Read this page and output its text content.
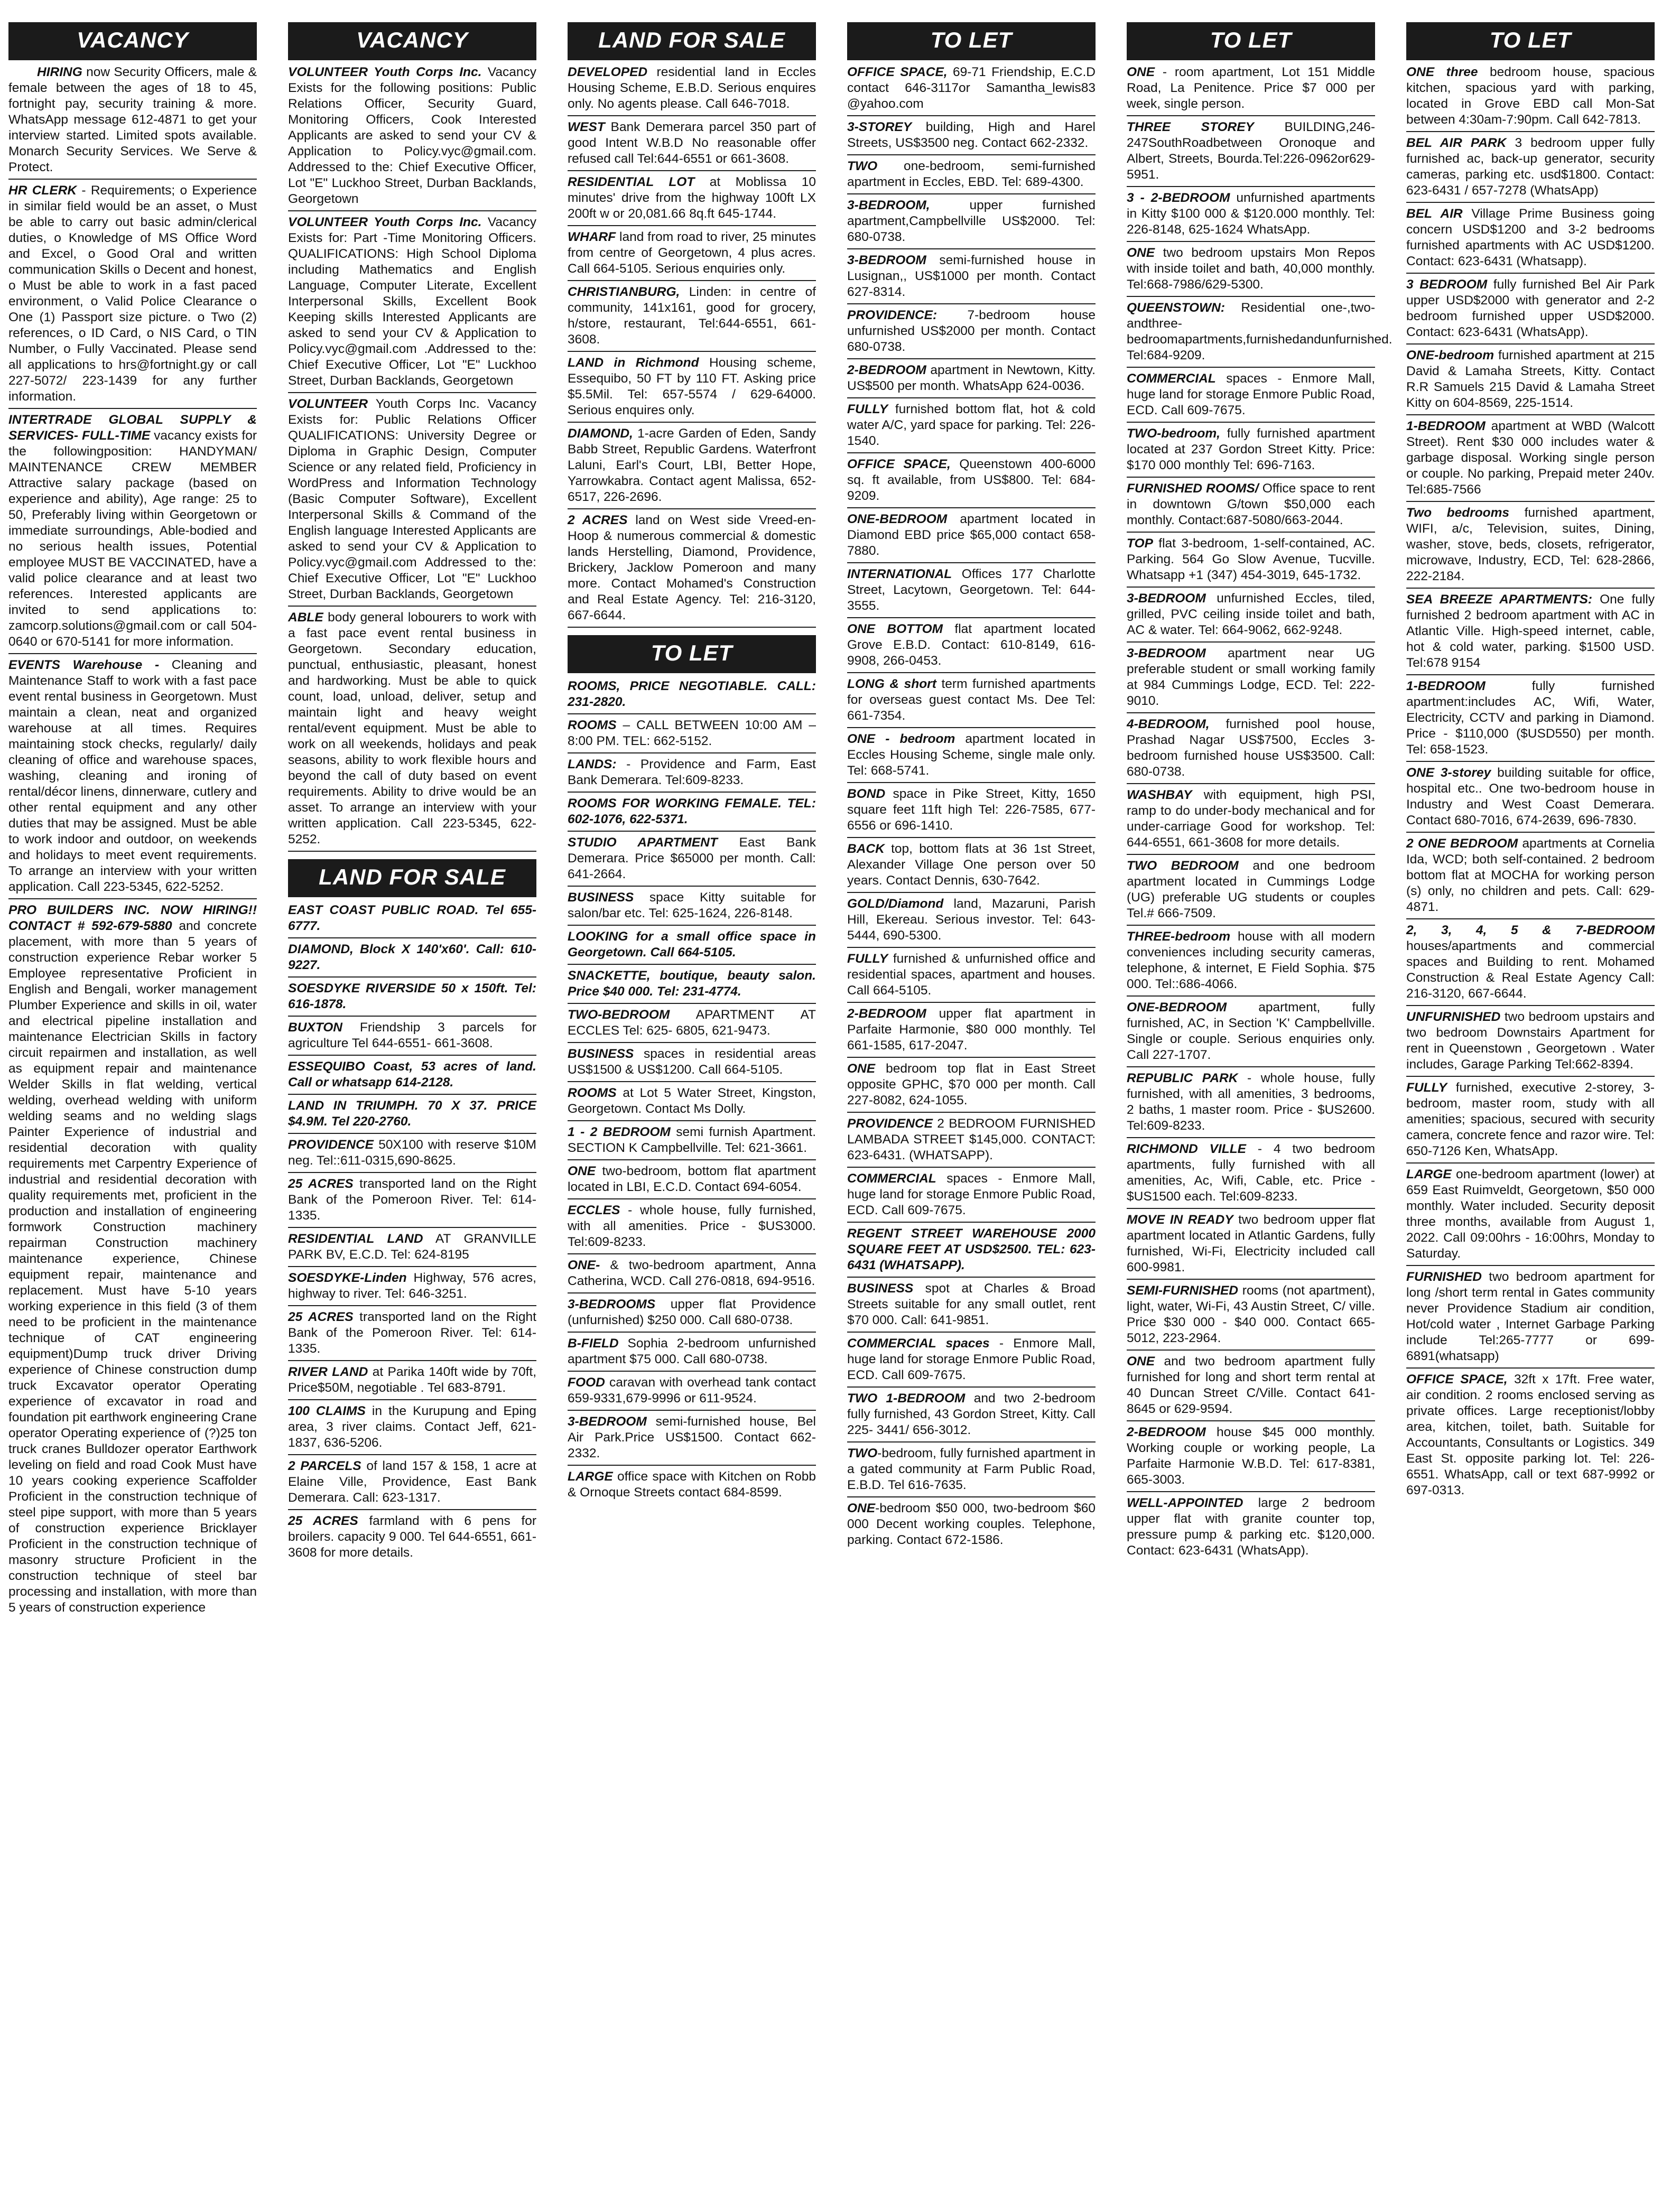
VACANCY
HIRING now Security Officers, male & female between the ages of 18 to 45, fortnight pay, security training & more. WhatsApp message 612-4871 to get your interview started. Limited spots available. Monarch Security Services. We Serve & Protect.
HR CLERK - Requirements; o Experience in similar field would be an asset, o Must be able to carry out basic admin/clerical duties, o Knowledge of MS Office Word and Excel, o Good Oral and written communication Skills o Decent and honest, o Must be able to work in a fast paced environment, o Valid Police Clearance o One (1) Passport size picture. o Two (2) references, o ID Card, o NIS Card, o TIN Number, o Fully Vaccinated. Please send all applications to hrs@fortnight.gy or call 227-5072/ 223-1439 for any further information.
INTERTRADE GLOBAL SUPPLY & SERVICES- FULL-TIME vacancy exists for the followingposition: HANDYMAN/ MAINTENANCE CREW MEMBER Attractive salary package (based on experience and ability), Age range: 25 to 50, Preferably living within Georgetown or immediate surroundings, Able-bodied and no serious health issues, Potential employee MUST BE VACCINATED, have a valid police clearance and at least two references. Interested applicants are invited to send applications to: zamcorp.solutions@gmail.com or call 504-0640 or 670-5141 for more information.
EVENTS Warehouse - Cleaning and Maintenance Staff to work with a fast pace event rental business in Georgetown. Must maintain a clean, neat and organized warehouse at all times. Requires maintaining stock checks, regularly/ daily cleaning of office and warehouse spaces, washing, cleaning and ironing of rental/décor linens, dinnerware, cutlery and other rental equipment and any other duties that may be assigned. Must be able to work indoor and outdoor, on weekends and holidays to meet event requirements. To arrange an interview with your written application. Call 223-5345, 622-5252.
PRO BUILDERS INC. NOW HIRING!! CONTACT # 592-679-5880 and concrete placement, with more than 5 years of construction experience Rebar worker 5 Employee representative Proficient in English and Bengali, worker management Plumber Experience and skills in oil, water and electrical pipeline installation and maintenance Electrician Skills in factory circuit repairmen and installation, as well as equipment repair and maintenance Welder Skills in flat welding, vertical welding, overhead welding with uniform welding seams and no welding slags Painter Experience of industrial and residential decoration with quality requirements met Carpentry Experience of industrial and residential decoration with quality requirements met, proficient in the production and installation of engineering formwork Construction machinery repairman Construction machinery maintenance experience, Chinese equipment repair, maintenance and replacement. Must have 5-10 years working experience in this field (3 of them need to be proficient in the maintenance technique of CAT engineering equipment)Dump truck driver Driving experience of Chinese construction dump truck Excavator operator Operating experience of excavator in road and foundation pit earthwork engineering Crane operator Operating experience of (?)25 ton truck cranes Bulldozer operator Earthwork leveling on field and road Cook Must have 10 years cooking experience Scaffolder Proficient in the construction technique of steel pipe support, with more than 5 years of construction experience Bricklayer Proficient in the construction technique of masonry structure Proficient in the construction technique of steel bar processing and installation, with more than 5 years of construction experience
VACANCY
VOLUNTEER Youth Corps Inc. Vacancy Exists for the following positions: Public Relations Officer, Security Guard, Monitoring Officers, Cook Interested Applicants are asked to send your CV & Application to Policy.vyc@gmail.com. Addressed to the: Chief Executive Officer, Lot "E" Luckhoo Street, Durban Backlands, Georgetown
VOLUNTEER Youth Corps Inc. Vacancy Exists for: Part -Time Monitoring Officers. QUALIFICATIONS: High School Diploma including Mathematics and English Language, Computer Literate, Excellent Interpersonal Skills, Excellent Book Keeping skills Interested Applicants are asked to send your CV & Application to Policy.vyc@gmail.com .Addressed to the: Chief Executive Officer, Lot "E" Luckhoo Street, Durban Backlands, Georgetown
VOLUNTEER Youth Corps Inc. Vacancy Exists for: Public Relations Officer QUALIFICATIONS: University Degree or Diploma in Graphic Design, Computer Science or any related field, Proficiency in WordPress and Information Technology (Basic Computer Software), Excellent Interpersonal Skills & Command of the English language Interested Applicants are asked to send your CV & Application to Policy.vyc@gmail.com Addressed to the: Chief Executive Officer, Lot "E" Luckhoo Street, Durban Backlands, Georgetown
ABLE body general lobourers to work with a fast pace event rental business in Georgetown. Secondary education, punctual, enthusiastic, pleasant, honest and hardworking. Must be able to quick count, load, unload, deliver, setup and maintain light and heavy weight rental/event equipment. Must be able to work on all weekends, holidays and peak seasons, ability to work flexible hours and beyond the call of duty based on event requirements. Ability to drive would be an asset. To arrange an interview with your written application. Call 223-5345, 622-5252.
LAND FOR SALE
EAST COAST PUBLIC ROAD. Tel 655-6777.
DIAMOND, Block X 140'x60'. Call: 610-9227.
SOESDYKE RIVERSIDE 50 x 150ft. Tel: 616-1878.
BUXTON Friendship 3 parcels for agriculture Tel 644-6551- 661-3608.
ESSEQUIBO Coast, 53 acres of land. Call or whatsapp 614-2128.
LAND IN TRIUMPH. 70 X 37. PRICE $4.9M. Tel 220-2760.
PROVIDENCE 50X100 with reserve $10M neg. Tel::611-0315,690-8625.
25 ACRES transported land on the Right Bank of the Pomeroon River. Tel: 614-1335.
RESIDENTIAL LAND AT GRANVILLE PARK BV, E.C.D. Tel: 624-8195
SOESDYKE-Linden Highway, 576 acres, highway to river. Tel: 646-3251.
25 ACRES transported land on the Right Bank of the Pomeroon River. Tel: 614-1335.
RIVER LAND at Parika 140ft wide by 70ft, Price$50M, negotiable . Tel 683-8791.
100 CLAIMS in the Kurupung and Eping area, 3 river claims. Contact Jeff, 621-1837, 636-5206.
2 PARCELS of land 157 & 158, 1 acre at Elaine Ville, Providence, East Bank Demerara. Call: 623-1317.
25 ACRES farmland with 6 pens for broilers. capacity 9 000. Tel 644-6551, 661-3608 for more details.
LAND FOR SALE
DEVELOPED residential land in Eccles Housing Scheme, E.B.D. Serious enquires only. No agents please. Call 646-7018.
WEST Bank Demerara parcel 350 part of good Intent W.B.D No reasonable offer refused call Tel:644-6551 or 661-3608.
RESIDENTIAL LOT at Moblissa 10 minutes' drive from the highway 100ft LX 200ft w or 20,081.66 8q.ft 645-1744.
WHARF land from road to river, 25 minutes from centre of Georgetown, 4 plus acres. Call 664-5105. Serious enquiries only.
CHRISTIANBURG, Linden: in centre of community, 141x161, good for grocery, h/store, restaurant, Tel:644-6551, 661-3608.
LAND in Richmond Housing scheme, Essequibo, 50 FT by 110 FT. Asking price $5.5Mil. Tel: 657-5574 / 629-64000. Serious enquires only.
DIAMOND, 1-acre Garden of Eden, Sandy Babb Street, Republic Gardens. Waterfront Laluni, Earl's Court, LBI, Better Hope, Yarrowkabra. Contact agent Malissa, 652-6517, 226-2696.
2 ACRES land on West side Vreed-en-Hoop & numerous commercial & domestic lands Herstelling, Diamond, Providence, Brickery, Jacklow Pomeroon and many more. Contact Mohamed's Construction and Real Estate Agency. Tel: 216-3120, 667-6644.
TO LET
ROOMS, PRICE NEGOTIABLE. CALL: 231-2820.
ROOMS – CALL BETWEEN 10:00 AM – 8:00 PM. TEL: 662-5152.
LANDS: - Providence and Farm, East Bank Demerara. Tel:609-8233.
ROOMS FOR WORKING FEMALE. TEL: 602-1076, 622-5371.
STUDIO APARTMENT East Bank Demerara. Price $65000 per month. Call: 641-2664.
BUSINESS space Kitty suitable for salon/bar etc. Tel: 625-1624, 226-8148.
LOOKING for a small office space in Georgetown. Call 664-5105.
SNACKETTE, boutique, beauty salon. Price $40 000. Tel: 231-4774.
TWO-BEDROOM APARTMENT AT ECCLES Tel: 625- 6805, 621-9473.
BUSINESS spaces in residential areas US$1500 & US$1200. Call 664-5105.
ROOMS at Lot 5 Water Street, Kingston, Georgetown. Contact Ms Dolly.
1 - 2 BEDROOM semi furnish Apartment. SECTION K Campbellville. Tel: 621-3661.
ONE two-bedroom, bottom flat apartment located in LBI, E.C.D. Contact 694-6054.
ECCLES - whole house, fully furnished, with all amenities. Price - $US3000. Tel:609-8233.
ONE- & two-bedroom apartment, Anna Catherina, WCD. Call 276-0818, 694-9516.
3-BEDROOMS upper flat Providence (unfurnished) $250 000. Call 680-0738.
B-FIELD Sophia 2-bedroom unfurnished apartment $75 000. Call 680-0738.
FOOD caravan with overhead tank contact 659-9331,679-9996 or 611-9524.
3-BEDROOM semi-furnished house, Bel Air Park.Price US$1500. Contact 662-2332.
LARGE office space with Kitchen on Robb & Ornoque Streets contact 684-8599.
TO LET
OFFICE SPACE, 69-71 Friendship, E.C.D contact 646-3117or Samantha_lewis83 @yahoo.com
3-STOREY building, High and Harel Streets, US$3500 neg. Contact 662-2332.
TWO one-bedroom, semi-furnished apartment in Eccles, EBD. Tel: 689-4300.
3-BEDROOM, upper furnished apartment,Campbellville US$2000. Tel: 680-0738.
3-BEDROOM semi-furnished house in Lusignan,, US$1000 per month. Contact 627-8314.
PROVIDENCE: 7-bedroom house unfurnished US$2000 per month. Contact 680-0738.
2-BEDROOM apartment in Newtown, Kitty. US$500 per month. WhatsApp 624-0036.
FULLY furnished bottom flat, hot & cold water A/C, yard space for parking. Tel: 226-1540.
OFFICE SPACE, Queenstown 400-6000 sq. ft available, from US$800. Tel: 684-9209.
ONE-BEDROOM apartment located in Diamond EBD price $65,000 contact 658-7880.
INTERNATIONAL Offices 177 Charlotte Street, Lacytown, Georgetown. Tel: 644-3555.
ONE BOTTOM flat apartment located Grove E.B.D. Contact: 610-8149, 616-9908, 266-0453.
LONG & short term furnished apartments for overseas guest contact Ms. Dee Tel: 661-7354.
ONE - bedroom apartment located in Eccles Housing Scheme, single male only. Tel: 668-5741.
BOND space in Pike Street, Kitty, 1650 square feet 11ft high Tel: 226-7585, 677-6556 or 696-1410.
BACK top, bottom flats at 36 1st Street, Alexander Village One person over 50 years. Contact Dennis, 630-7642.
GOLD/Diamond land, Mazaruni, Parish Hill, Ekereau. Serious investor. Tel: 643-5444, 690-5300.
FULLY furnished & unfurnished office and residential spaces, apartment and houses. Call 664-5105.
2-BEDROOM upper flat apartment in Parfaite Harmonie, $80 000 monthly. Tel 661-1585, 617-2047.
ONE bedroom top flat in East Street opposite GPHC, $70 000 per month. Call 227-8082, 624-1055.
PROVIDENCE 2 BEDROOM FURNISHED LAMBADA STREET $145,000. CONTACT: 623-6431. (WHATSAPP).
COMMERCIAL spaces - Enmore Mall, huge land for storage Enmore Public Road, ECD. Call 609-7675.
REGENT STREET WAREHOUSE 2000 SQUARE FEET AT USD$2500. TEL: 623-6431 (WHATSAPP).
BUSINESS spot at Charles & Broad Streets suitable for any small outlet, rent $70 000. Call: 641-9851.
COMMERCIAL spaces - Enmore Mall, huge land for storage Enmore Public Road, ECD. Call 609-7675.
TWO 1-BEDROOM and two 2-bedroom fully furnished, 43 Gordon Street, Kitty. Call 225- 3441/ 656-3012.
TWO-bedroom, fully furnished apartment in a gated community at Farm Public Road, E.B.D. Tel 616-7635.
ONE-bedroom $50 000, two-bedroom $60 000 Decent working couples. Telephone, parking. Contact 672-1586.
TO LET
ONE - room apartment, Lot 151 Middle Road, La Penitence. Price $7 000 per week, single person.
THREE STOREY BUILDING,246-247SouthRoadbetween Oronoque and Albert, Streets, Bourda.Tel:226-0962or629-5951.
3 - 2-BEDROOM unfurnished apartments in Kitty $100 000 & $120.000 monthly. Tel: 226-8148, 625-1624 WhatsApp.
ONE two bedroom upstairs Mon Repos with inside toilet and bath, 40,000 monthly. Tel:668-7986/629-5300.
QUEENSTOWN: Residential one-,two-andthree-bedroomapartments,furnishedandunfurnished. Tel:684-9209.
COMMERCIAL spaces - Enmore Mall, huge land for storage Enmore Public Road, ECD. Call 609-7675.
TWO-bedroom, fully furnished apartment located at 237 Gordon Street Kitty. Price: $170 000 monthly Tel: 696-7163.
FURNISHED ROOMS/ Office space to rent in downtown G/town $50,000 each monthly. Contact:687-5080/663-2044.
TOP flat 3-bedroom, 1-self-contained, AC. Parking. 564 Go Slow Avenue, Tucville. Whatsapp +1 (347) 454-3019, 645-1732.
3-BEDROOM unfurnished Eccles, tiled, grilled, PVC ceiling inside toilet and bath, AC & water. Tel: 664-9062, 662-9248.
3-BEDROOM apartment near UG preferable student or small working family at 984 Cummings Lodge, ECD. Tel: 222-9010.
4-BEDROOM, furnished pool house, Prashad Nagar US$7500, Eccles 3-bedroom furnished house US$3500. Call: 680-0738.
WASHBAY with equipment, high PSI, ramp to do under-body mechanical and for under-carriage Good for workshop. Tel: 644-6551, 661-3608 for more details.
TWO BEDROOM and one bedroom apartment located in Cummings Lodge (UG) preferable UG students or couples Tel.# 666-7509.
THREE-bedroom house with all modern conveniences including security cameras, telephone, & internet, E Field Sophia. $75 000. Tel::686-4066.
ONE-BEDROOM apartment, fully furnished, AC, in Section 'K' Campbellville. Single or couple. Serious enquiries only. Call 227-1707.
REPUBLIC PARK - whole house, fully furnished, with all amenities, 3 bedrooms, 2 baths, 1 master room. Price - $US2600. Tel:609-8233.
RICHMOND VILLE - 4 two bedroom apartments, fully furnished with all amenities, Ac, Wifi, Cable, etc. Price - $US1500 each. Tel:609-8233.
MOVE IN READY two bedroom upper flat apartment located in Atlantic Gardens, fully furnished, Wi-Fi, Electricity included call 600-9981.
SEMI-FURNISHED rooms (not apartment), light, water, Wi-Fi, 43 Austin Street, C/ ville. Price $30 000 - $40 000. Contact 665-5012, 223-2964.
ONE and two bedroom apartment fully furnished for long and short term rental at 40 Duncan Street C/Ville. Contact 641-8645 or 629-9594.
2-BEDROOM house $45 000 monthly. Working couple or working people, La Parfaite Harmonie W.B.D. Tel: 617-8381, 665-3003.
WELL-APPOINTED large 2 bedroom upper flat with granite counter top, pressure pump & parking etc. $120,000. Contact: 623-6431 (WhatsApp).
TO LET
ONE three bedroom house, spacious kitchen, spacious yard with parking, located in Grove EBD call Mon-Sat between 4:30am-7:90pm. Call 642-7813.
BEL AIR PARK 3 bedroom upper fully furnished ac, back-up generator, security cameras, parking etc. usd$1800. Contact: 623-6431 / 657-7278 (WhatsApp)
BEL AIR Village Prime Business going concern USD$1200 and 3-2 bedrooms furnished apartments with AC USD$1200. Contact: 623-6431 (Whatsapp).
3 BEDROOM fully furnished Bel Air Park upper USD$2000 with generator and 2-2 bedroom furnished upper USD$2000. Contact: 623-6431 (WhatsApp).
ONE-bedroom furnished apartment at 215 David & Lamaha Streets, Kitty. Contact R.R Samuels 215 David & Lamaha Street Kitty on 604-8569, 225-1514.
1-BEDROOM apartment at WBD (Walcott Street). Rent $30 000 includes water & garbage disposal. Working single person or couple. No parking, Prepaid meter 240v. Tel:685-7566
Two bedrooms furnished apartment, WIFI, a/c, Television, suites, Dining, washer, stove, beds, closets, refrigerator, microwave, Industry, ECD, Tel: 628-2866, 222-2184.
SEA BREEZE APARTMENTS: One fully furnished 2 bedroom apartment with AC in Atlantic Ville. High-speed internet, cable, hot & cold water, parking. $1500 USD. Tel:678 9154
1-BEDROOM fully furnished apartment:includes AC, Wifi, Water, Electricity, CCTV and parking in Diamond. Price - $110,000 ($USD550) per month. Tel: 658-1523.
ONE 3-storey building suitable for office, hospital etc.. One two-bedroom house in Industry and West Coast Demerara. Contact 680-7016, 674-2639, 696-7830.
2 ONE BEDROOM apartments at Cornelia Ida, WCD; both self-contained. 2 bedroom bottom flat at MOCHA for working person (s) only, no children and pets. Call: 629-4871.
2, 3, 4, 5 & 7-BEDROOM houses/apartments and commercial spaces and Building to rent. Mohamed Construction & Real Estate Agency Call: 216-3120, 667-6644.
UNFURNISHED two bedroom upstairs and two bedroom Downstairs Apartment for rent in Queenstown , Georgetown . Water includes, Garage Parking Tel:662-8394.
FULLY furnished, executive 2-storey, 3-bedroom, master room, study with all amenities; spacious, secured with security camera, concrete fence and razor wire. Tel: 650-7126 Ken, WhatsApp.
LARGE one-bedroom apartment (lower) at 659 East Ruimveldt, Georgetown, $50 000 monthly. Water included. Security deposit three months, available from August 1, 2022. Call 09:00hrs - 16:00hrs, Monday to Saturday.
FURNISHED two bedroom apartment for long /short term rental in Gates community never Providence Stadium air condition, Hot/cold water , Internet Garbage Parking include Tel:265-7777 or 699-6891(whatsapp)
OFFICE SPACE, 32ft x 17ft. Free water, air condition. 2 rooms enclosed serving as private offices. Large receptionist/lobby area, kitchen, toilet, bath. Suitable for Accountants, Consultants or Logistics. 349 East St. opposite parking lot. Tel: 226-6551. WhatsApp, call or text 687-9992 or 697-0313.
